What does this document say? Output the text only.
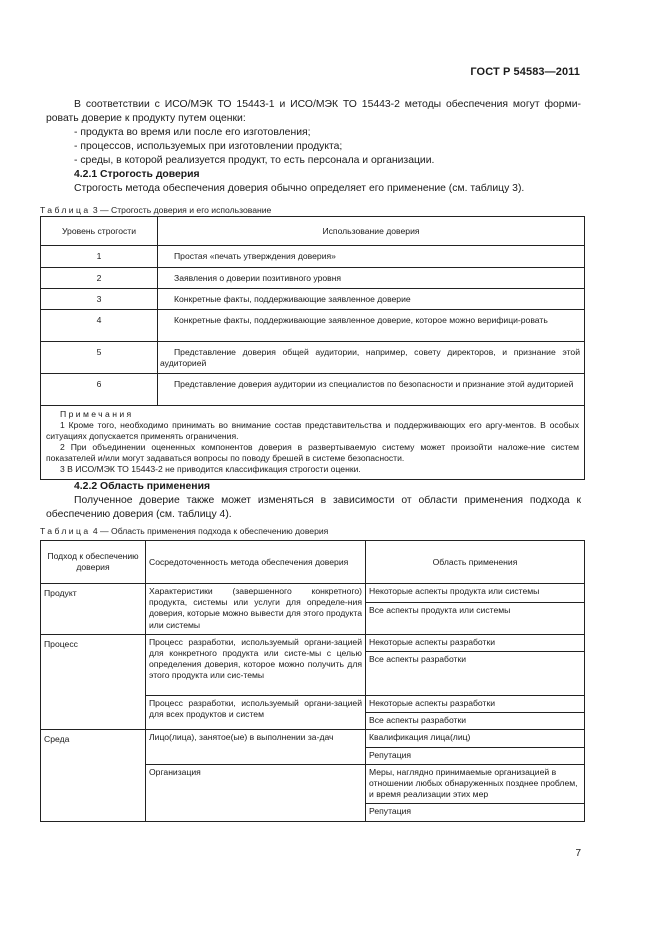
ГОСТ Р 54583—2011

В соответствии с ИСО/МЭК ТО 15443-1 и ИСО/МЭК ТО 15443-2 методы обеспечения могут форми-ровать доверие к продукту путем оценки:

- продукта во время или после его изготовления;
- процессов, используемых при изготовлении продукта;
- среды, в которой реализуется продукт, то есть персонала и организации.
4.2.1 Строгость доверия

Строгость метода обеспечения доверия обычно определяет его применение (см. таблицу 3).

Таблица 3 — Строгость доверия и его использование
Уровень строгости	Использование доверия
1	Простая «печать утверждения доверия»

2	Заявления о доверии позитивного уровня

3	Конкретные факты, поддерживающие заявленное доверие

4	Конкретные факты, поддерживающие заявленное доверие, которое можно верифици-ровать

5	Представление доверия общей аудитории, например, совету директоров, и признание этой аудиторией

6	Представление доверия аудитории из специалистов по безопасности и признание этой аудиторией

Примечания
1 Кроме того, необходимо принимать во внимание состав представительства и поддерживающих его аргу-ментов. В особых ситуациях допускается применять ограничения.
2 При объединении оцененных компонентов доверия в развертываемую систему может произойти наложе-ние систем показателей и/или могут задаваться вопросы по поводу брешей в системе безопасности.
3 В ИСО/МЭК ТО 15443-2 не приводится классификация строгости оценки.	
4.2.2 Область применения

Полученное доверие также может изменяться в зависимости от области применения подхода к обеспечению доверия (см. таблицу 4).

Таблица 4 — Область применения подхода к обеспечению доверия
Подход к обеспечению доверия	Сосредоточенность метода обеспечения доверия	Область применения
Продукт	Характеристики (завершенного конкретного) продукта, системы или услуги для определе-ния доверия, которые можно вывести для этого продукта или системы	Некоторые аспекты продукта или системы
		Все аспекты продукта или системы
Процесс	Процесс разработки, используемый органи-зацией для конкретного продукта или систе-мы с целью определения доверия, которое можно получить для этого продукта или сис-темы	Некоторые аспекты разработки
		Все аспекты разработки
	Процесс разработки, используемый органи-зацией для всех продуктов и систем	Некоторые аспекты разработки
		Все аспекты разработки
Среда	Лицо(лица), занятое(ые) в выполнении за-дач	Квалификация лица(лиц)
		Репутация
	Организация	Меры, наглядно принимаемые организацией в отношении любых обнаруженных позднее проблем, и время реализации этих мер
		Репутация
7
